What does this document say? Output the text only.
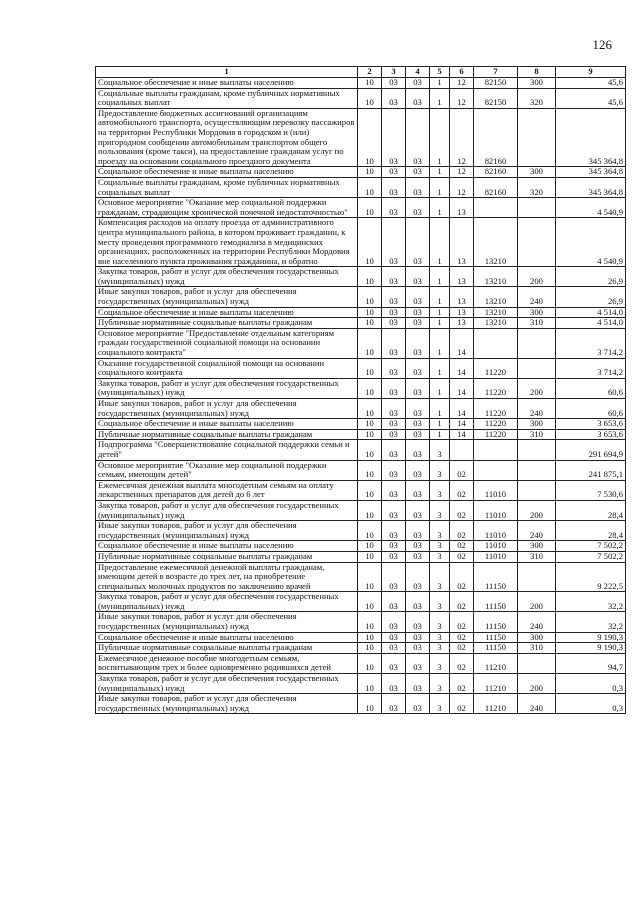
126
1	2	3	4	5	6	7	8	9
Социальное обеспечение и иные выплаты населению	10	03	03	1	12	82150	300	45,6
Социальные выплаты гражданам, кроме публичных нормативных социальных выплат	10	03	03	1	12	82150	320	45,6
Предоставление бюджетных ассигнований организациям автомобильного транспорта, осуществляющим перевозку пассажиров на территории Республики Мордовия в городском и (или) пригородном сообщении автомобильным транспортом общего пользования (кроме такси), на предоставление гражданам услуг по проезду на основании социального проездного документа	10	03	03	1	12	82160		345 364,8
Социальное обеспечение и иные выплаты населению	10	03	03	1	12	82160	300	345 364,8
Социальные выплаты гражданам, кроме публичных нормативных социальных выплат	10	03	03	1	12	82160	320	345 364,8
Основное мероприятие "Оказание мер социальной поддержки гражданам, страдающим хронической почечной недостаточностью"	10	03	03	1	13			4 540,9
Компенсация расходов на оплату проезда от административного центра муниципального района, в котором проживает гражданин, к месту проведения программного гемодиализа в медицинских организациях, расположенных на территории Республики Мордовия вне населенного пункта проживания гражданина, и обратно	10	03	03	1	13	13210		4 540,9
Закупка товаров, работ и услуг для обеспечения государственных (муниципальных) нужд	10	03	03	1	13	13210	200	26,9
Иные закупки товаров, работ и услуг для обеспечения государственных (муниципальных) нужд	10	03	03	1	13	13210	240	26,9
Социальное обеспечение и иные выплаты населению	10	03	03	1	13	13210	300	4 514,0
Публичные нормативные социальные выплаты гражданам	10	03	03	1	13	13210	310	4 514,0
Основное мероприятие "Предоставление отдельным категориям граждан государственной социальной помощи на основании социального контракта"	10	03	03	1	14			3 714,2
Оказание государственной социальной помощи на основании социального контракта	10	03	03	1	14	11220		3 714,2
Закупка товаров, работ и услуг для обеспечения государственных (муниципальных) нужд	10	03	03	1	14	11220	200	60,6
Иные закупки товаров, работ и услуг для обеспечения государственных (муниципальных) нужд	10	03	03	1	14	11220	240	60,6
Социальное обеспечение и иные выплаты населению	10	03	03	1	14	11220	300	3 653,6
Публичные нормативные социальные выплаты гражданам	10	03	03	1	14	11220	310	3 653,6
Подпрограмма "Совершенствование социальной поддержки семьи и детей"	10	03	03	3				291 694,9
Основное мероприятие "Оказание мер социальной поддержки семьям, имеющим детей"	10	03	03	3	02			241 875,1
Ежемесячная денежная выплата многодетным семьям на оплату лекарственных препаратов для детей до 6 лет	10	03	03	3	02	11010		7 530,6
Закупка товаров, работ и услуг для обеспечения государственных (муниципальных) нужд	10	03	03	3	02	11010	200	28,4
Иные закупки товаров, работ и услуг для обеспечения государственных (муниципальных) нужд	10	03	03	3	02	11010	240	28,4
Социальное обеспечение и иные выплаты населению	10	03	03	3	02	11010	300	7 502,2
Публичные нормативные социальные выплаты гражданам	10	03	03	3	02	11010	310	7 502,2
Предоставление ежемесячной денежной выплаты гражданам, имеющим детей в возрасте до трех лет, на приобретение специальных молочных продуктов по заключению врачей	10	03	03	3	02	11150		9 222,5
Закупка товаров, работ и услуг для обеспечения государственных (муниципальных) нужд	10	03	03	3	02	11150	200	32,2
Иные закупки товаров, работ и услуг для обеспечения государственных (муниципальных) нужд	10	03	03	3	02	11150	240	32,2
Социальное обеспечение и иные выплаты населению	10	03	03	3	02	11150	300	9 190,3
Публичные нормативные социальные выплаты гражданам	10	03	03	3	02	11150	310	9 190,3
Ежемесячное денежное пособие многодетным семьям, воспитывающим трех и более одновременно родившихся детей	10	03	03	3	02	11210		94,7
Закупка товаров, работ и услуг для обеспечения государственных (муниципальных) нужд	10	03	03	3	02	11210	200	0,3
Иные закупки товаров, работ и услуг для обеспечения государственных (муниципальных) нужд	10	03	03	3	02	11210	240	0,3
